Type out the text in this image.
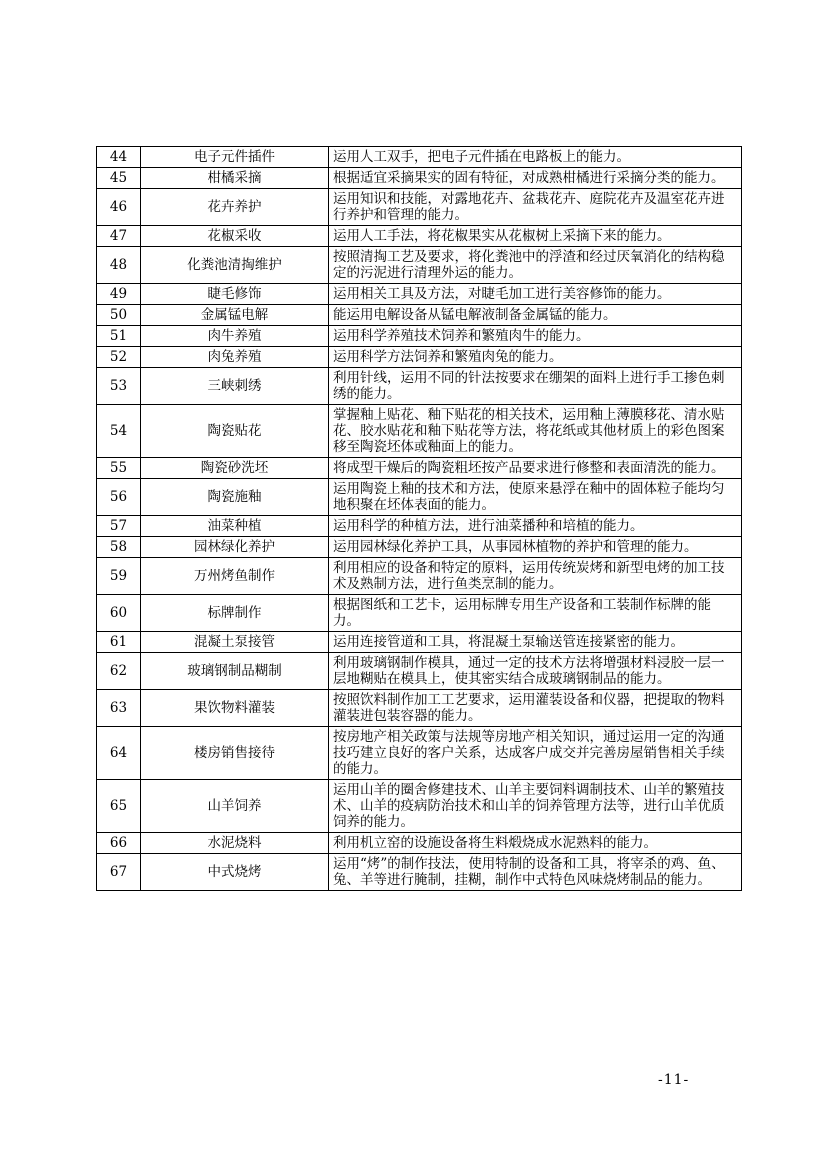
44	电子元件插件	运用人工双手，把电子元件插在电路板上的能力。
45	柑橘采摘	根据适宜采摘果实的固有特征，对成熟柑橘进行采摘分类的能力。
46	花卉养护	运用知识和技能，对露地花卉、盆栽花卉、庭院花卉及温室花卉进行养护和管理的能力。
47	花椒采收	运用人工手法，将花椒果实从花椒树上采摘下来的能力。
48	化粪池清掏维护	按照清掏工艺及要求，将化粪池中的浮渣和经过厌氧消化的结构稳定的污泥进行清理外运的能力。
49	睫毛修饰	运用相关工具及方法，对睫毛加工进行美容修饰的能力。
50	金属锰电解	能运用电解设备从锰电解液制备金属锰的能力。
51	肉牛养殖	运用科学养殖技术饲养和繁殖肉牛的能力。
52	肉兔养殖	运用科学方法饲养和繁殖肉兔的能力。
53	三峡刺绣	利用针线，运用不同的针法按要求在绷架的面料上进行手工掺色刺绣的能力。
54	陶瓷贴花	掌握釉上贴花、釉下贴花的相关技术，运用釉上薄膜移花、清水贴花、胶水贴花和釉下贴花等方法，将花纸或其他材质上的彩色图案移至陶瓷坯体或釉面上的能力。
55	陶瓷砂洗坯	将成型干燥后的陶瓷粗坯按产品要求进行修整和表面清洗的能力。
56	陶瓷施釉	运用陶瓷上釉的技术和方法，使原来悬浮在釉中的固体粒子能均匀地积聚在坯体表面的能力。
57	油菜种植	运用科学的种植方法，进行油菜播种和培植的能力。
58	园林绿化养护	运用园林绿化养护工具，从事园林植物的养护和管理的能力。
59	万州烤鱼制作	利用相应的设备和特定的原料，运用传统炭烤和新型电烤的加工技术及熟制方法，进行鱼类烹制的能力。
60	标牌制作	根据图纸和工艺卡，运用标牌专用生产设备和工装制作标牌的能力。
61	混凝土泵接管	运用连接管道和工具，将混凝土泵输送管连接紧密的能力。
62	玻璃钢制品糊制	利用玻璃钢制作模具，通过一定的技术方法将增强材料浸胶一层一层地糊贴在模具上，使其密实结合成玻璃钢制品的能力。
63	果饮物料灌装	按照饮料制作加工工艺要求，运用灌装设备和仪器，把提取的物料灌装进包装容器的能力。
64	楼房销售接待	按房地产相关政策与法规等房地产相关知识，通过运用一定的沟通技巧建立良好的客户关系，达成客户成交并完善房屋销售相关手续的能力。
65	山羊饲养	运用山羊的圈舍修建技术、山羊主要饲料调制技术、山羊的繁殖技术、山羊的疫病防治技术和山羊的饲养管理方法等，进行山羊优质饲养的能力。
66	水泥烧料	利用机立窑的设施设备将生料煅烧成水泥熟料的能力。
67	中式烧烤	运用“烤”的制作技法，使用特制的设备和工具，将宰杀的鸡、鱼、兔、羊等进行腌制，挂糊，制作中式特色风味烧烤制品的能力。
-11-
